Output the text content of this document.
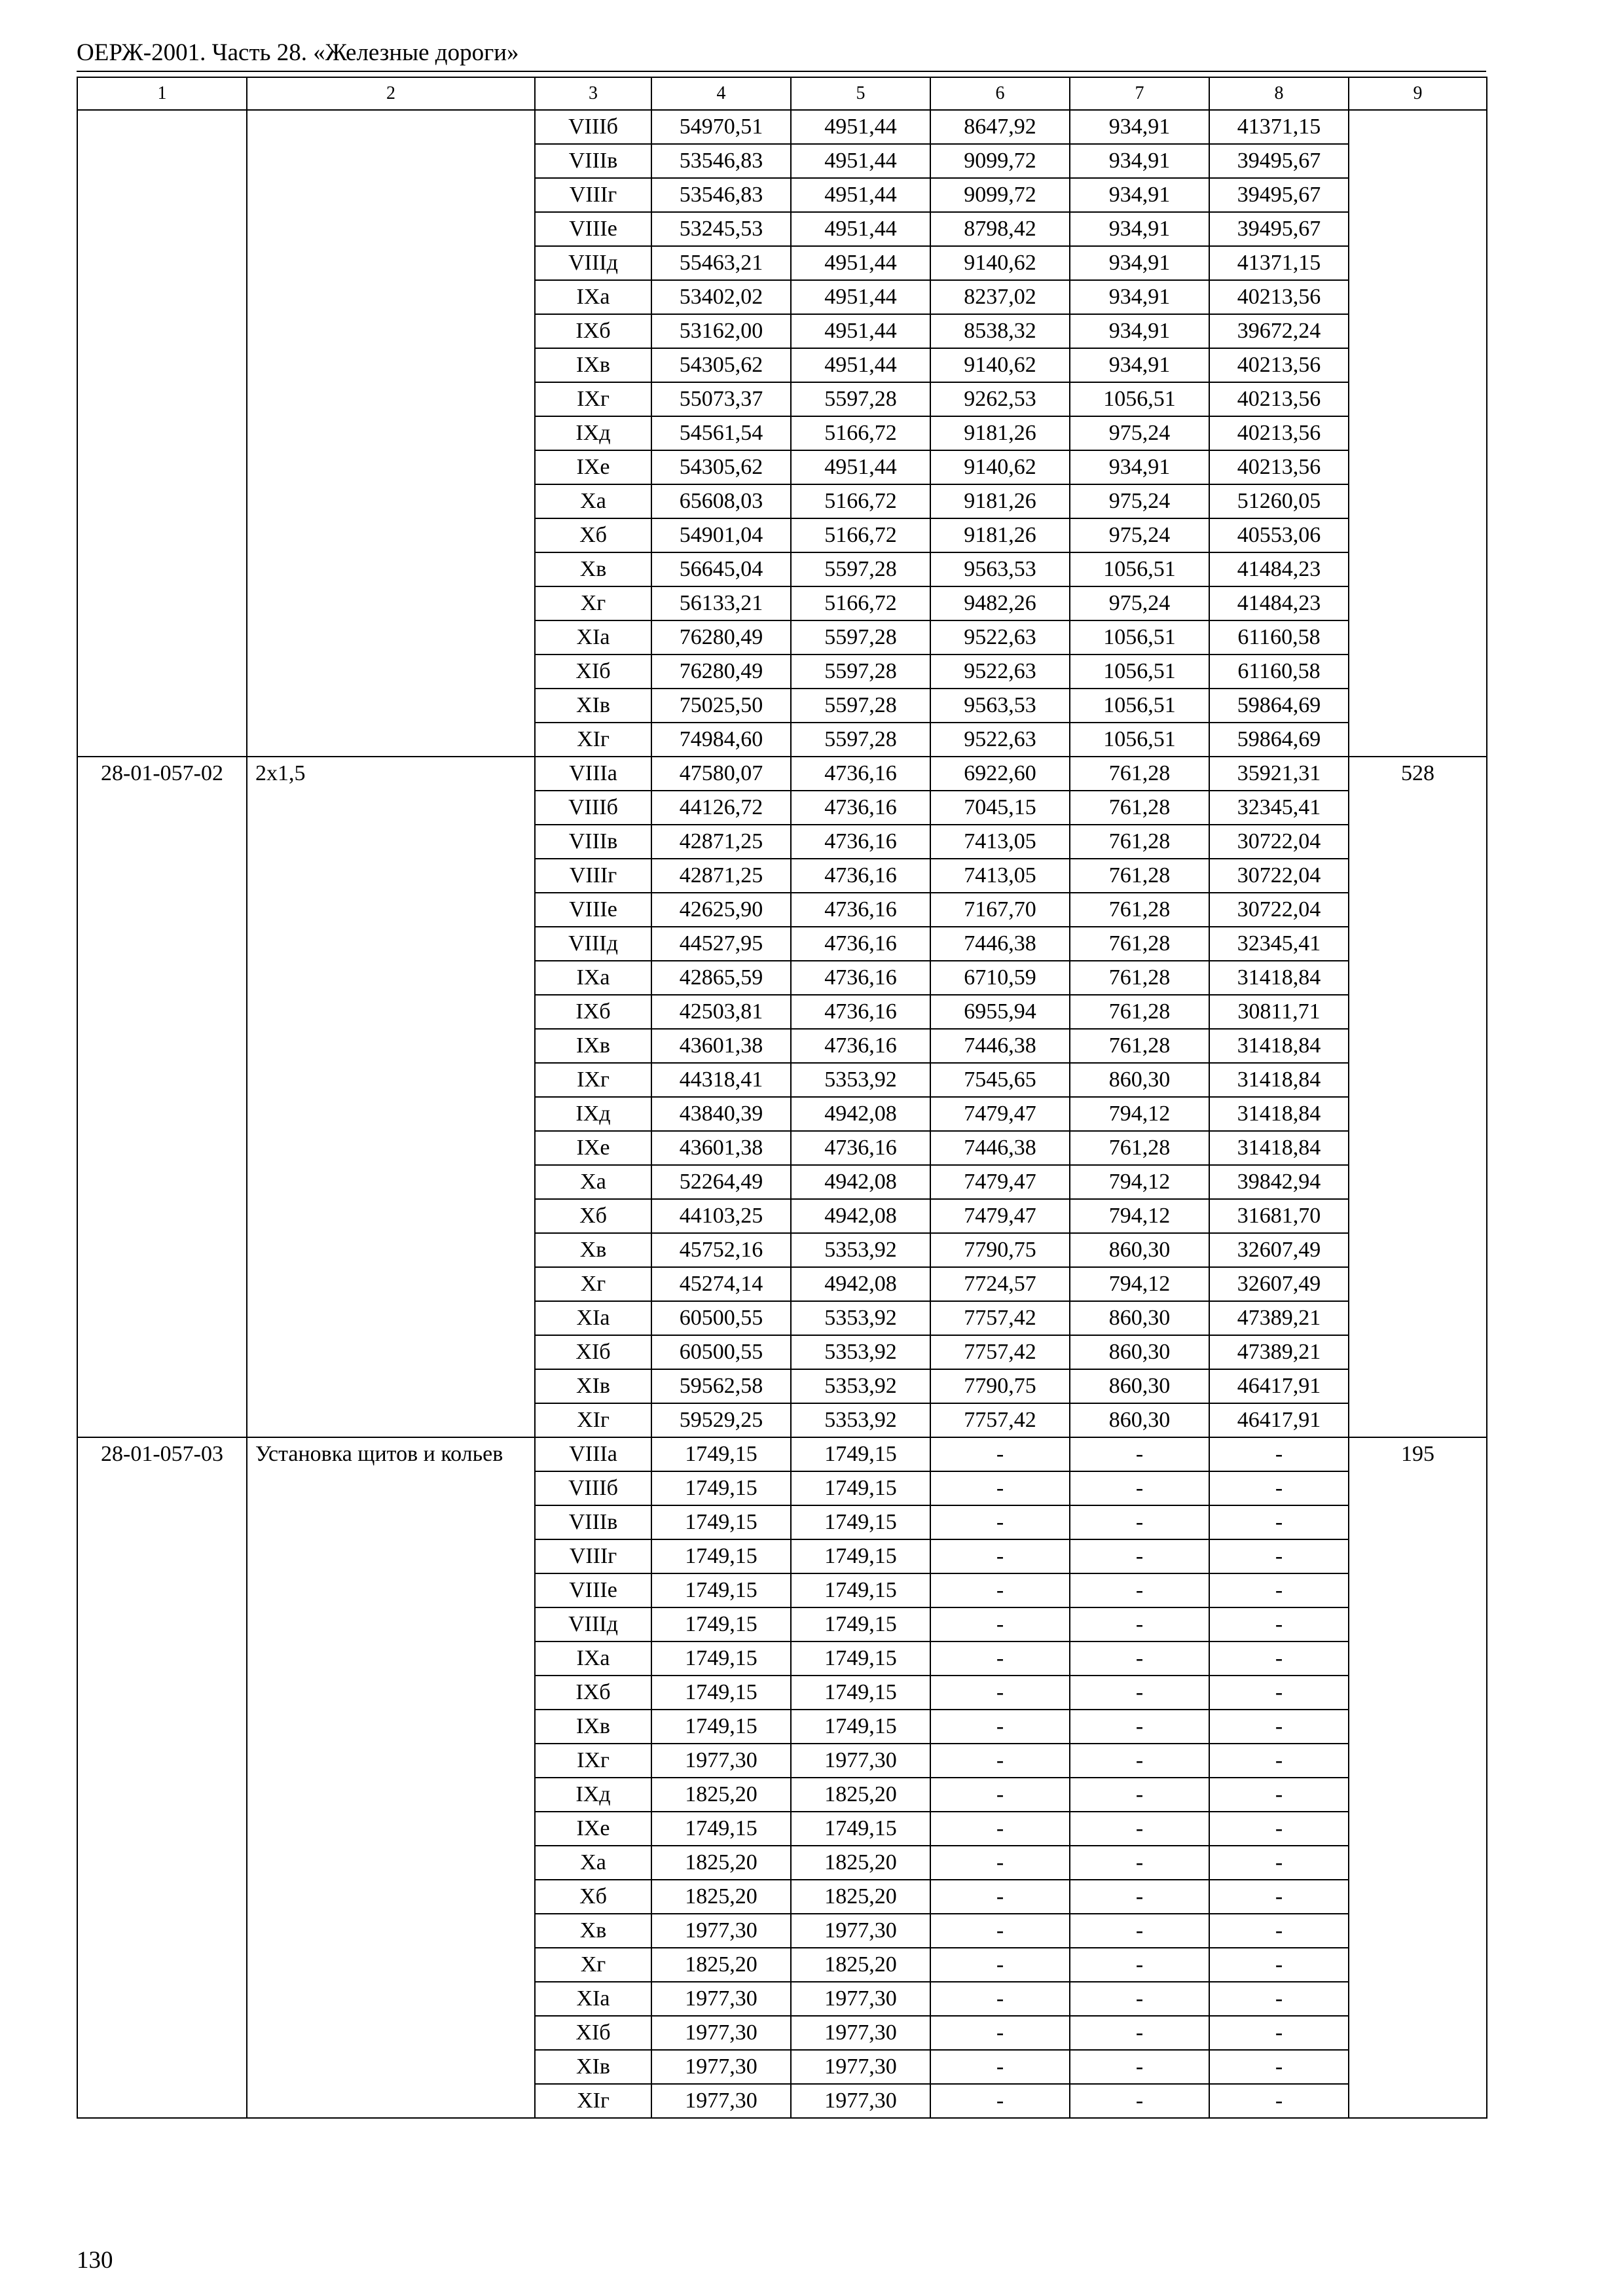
ОЕРЖ-2001. Часть 28. «Железные дороги»
1	2	3	4	5	6	7	8	9
		VIIIб	54970,51	4951,44	8647,92	934,91	41371,15	
		VIIIв	53546,83	4951,44	9099,72	934,91	39495,67	
		VIIIг	53546,83	4951,44	9099,72	934,91	39495,67	
		VIIIе	53245,53	4951,44	8798,42	934,91	39495,67	
		VIIIд	55463,21	4951,44	9140,62	934,91	41371,15	
		IXа	53402,02	4951,44	8237,02	934,91	40213,56	
		IXб	53162,00	4951,44	8538,32	934,91	39672,24	
		IXв	54305,62	4951,44	9140,62	934,91	40213,56	
		IXг	55073,37	5597,28	9262,53	1056,51	40213,56	
		IXд	54561,54	5166,72	9181,26	975,24	40213,56	
		IXе	54305,62	4951,44	9140,62	934,91	40213,56	
		Xа	65608,03	5166,72	9181,26	975,24	51260,05	
		Xб	54901,04	5166,72	9181,26	975,24	40553,06	
		Xв	56645,04	5597,28	9563,53	1056,51	41484,23	
		Xг	56133,21	5166,72	9482,26	975,24	41484,23	
		XIа	76280,49	5597,28	9522,63	1056,51	61160,58	
		XIб	76280,49	5597,28	9522,63	1056,51	61160,58	
		XIв	75025,50	5597,28	9563,53	1056,51	59864,69	
		XIг	74984,60	5597,28	9522,63	1056,51	59864,69	
28-01-057-02	2х1,5	VIIIа	47580,07	4736,16	6922,60	761,28	35921,31	528
		VIIIб	44126,72	4736,16	7045,15	761,28	32345,41	
		VIIIв	42871,25	4736,16	7413,05	761,28	30722,04	
		VIIIг	42871,25	4736,16	7413,05	761,28	30722,04	
		VIIIе	42625,90	4736,16	7167,70	761,28	30722,04	
		VIIIд	44527,95	4736,16	7446,38	761,28	32345,41	
		IXа	42865,59	4736,16	6710,59	761,28	31418,84	
		IXб	42503,81	4736,16	6955,94	761,28	30811,71	
		IXв	43601,38	4736,16	7446,38	761,28	31418,84	
		IXг	44318,41	5353,92	7545,65	860,30	31418,84	
		IXд	43840,39	4942,08	7479,47	794,12	31418,84	
		IXе	43601,38	4736,16	7446,38	761,28	31418,84	
		Xа	52264,49	4942,08	7479,47	794,12	39842,94	
		Xб	44103,25	4942,08	7479,47	794,12	31681,70	
		Xв	45752,16	5353,92	7790,75	860,30	32607,49	
		Xг	45274,14	4942,08	7724,57	794,12	32607,49	
		XIа	60500,55	5353,92	7757,42	860,30	47389,21	
		XIб	60500,55	5353,92	7757,42	860,30	47389,21	
		XIв	59562,58	5353,92	7790,75	860,30	46417,91	
		XIг	59529,25	5353,92	7757,42	860,30	46417,91	
28-01-057-03	Установка щитов и кольев	VIIIа	1749,15	1749,15	-	-	-	195
		VIIIб	1749,15	1749,15	-	-	-	
		VIIIв	1749,15	1749,15	-	-	-	
		VIIIг	1749,15	1749,15	-	-	-	
		VIIIе	1749,15	1749,15	-	-	-	
		VIIIд	1749,15	1749,15	-	-	-	
		IXа	1749,15	1749,15	-	-	-	
		IXб	1749,15	1749,15	-	-	-	
		IXв	1749,15	1749,15	-	-	-	
		IXг	1977,30	1977,30	-	-	-	
		IXд	1825,20	1825,20	-	-	-	
		IXе	1749,15	1749,15	-	-	-	
		Xа	1825,20	1825,20	-	-	-	
		Xб	1825,20	1825,20	-	-	-	
		Xв	1977,30	1977,30	-	-	-	
		Xг	1825,20	1825,20	-	-	-	
		XIа	1977,30	1977,30	-	-	-	
		XIб	1977,30	1977,30	-	-	-	
		XIв	1977,30	1977,30	-	-	-	
		XIг	1977,30	1977,30	-	-	-	
130
